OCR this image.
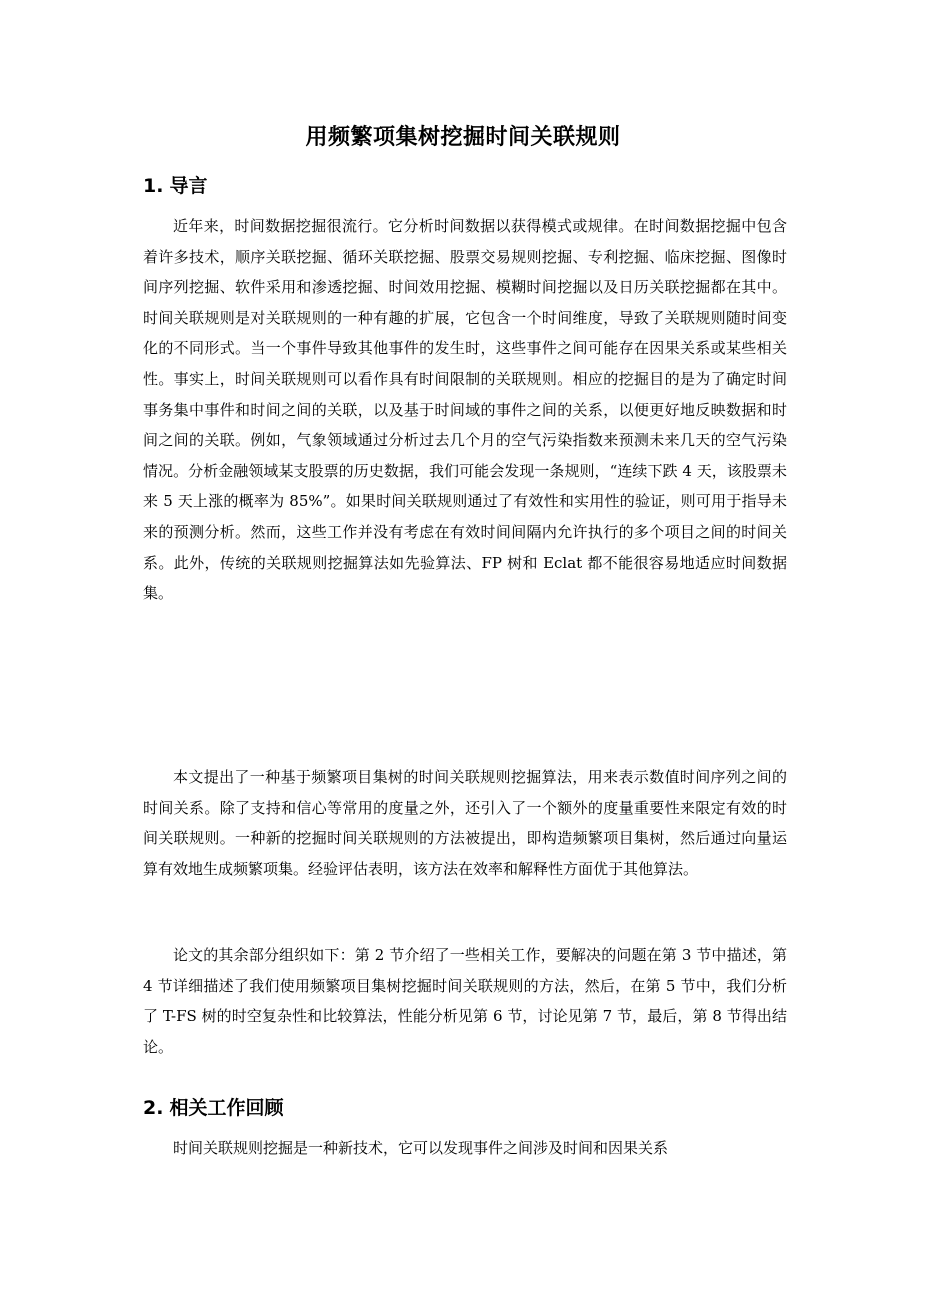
用频繁项集树挖掘时间关联规则
1. 导言

近年来，时间数据挖掘很流行。它分析时间数据以获得模式或规律。在时间数据挖掘中包含着许多技术，顺序关联挖掘、循环关联挖掘、股票交易规则挖掘、专利挖掘、临床挖掘、图像时间序列挖掘、软件采用和渗透挖掘、时间效用挖掘、模糊时间挖掘以及日历关联挖掘都在其中。时间关联规则是对关联规则的一种有趣的扩展，它包含一个时间维度，导致了关联规则随时间变化的不同形式。当一个事件导致其他事件的发生时，这些事件之间可能存在因果关系或某些相关性。事实上，时间关联规则可以看作具有时间限制的关联规则。相应的挖掘目的是为了确定时间事务集中事件和时间之间的关联，以及基于时间域的事件之间的关系，以便更好地反映数据和时间之间的关联。例如，气象领域通过分析过去几个月的空气污染指数来预测未来几天的空气污染情况。分析金融领域某支股票的历史数据，我们可能会发现一条规则，“连续下跌 4 天，该股票未来 5 天上涨的概率为 85%”。如果时间关联规则通过了有效性和实用性的验证，则可用于指导未来的预测分析。然而，这些工作并没有考虑在有效时间间隔内允许执行的多个项目之间的时间关系。此外，传统的关联规则挖掘算法如先验算法、FP 树和 Eclat 都不能很容易地适应时间数据集。

本文提出了一种基于频繁项目集树的时间关联规则挖掘算法，用来表示数值时间序列之间的时间关系。除了支持和信心等常用的度量之外，还引入了一个额外的度量重要性来限定有效的时间关联规则。一种新的挖掘时间关联规则的方法被提出，即构造频繁项目集树，然后通过向量运算有效地生成频繁项集。经验评估表明，该方法在效率和解释性方面优于其他算法。

论文的其余部分组织如下：第 2 节介绍了一些相关工作，要解决的问题在第 3 节中描述，第 4 节详细描述了我们使用频繁项目集树挖掘时间关联规则的方法，然后，在第 5 节中，我们分析了 T-FS 树的时空复杂性和比较算法，性能分析见第 6 节，讨论见第 7 节，最后，第 8 节得出结论。

2. 相关工作回顾

时间关联规则挖掘是一种新技术，它可以发现事件之间涉及时间和因果关系
